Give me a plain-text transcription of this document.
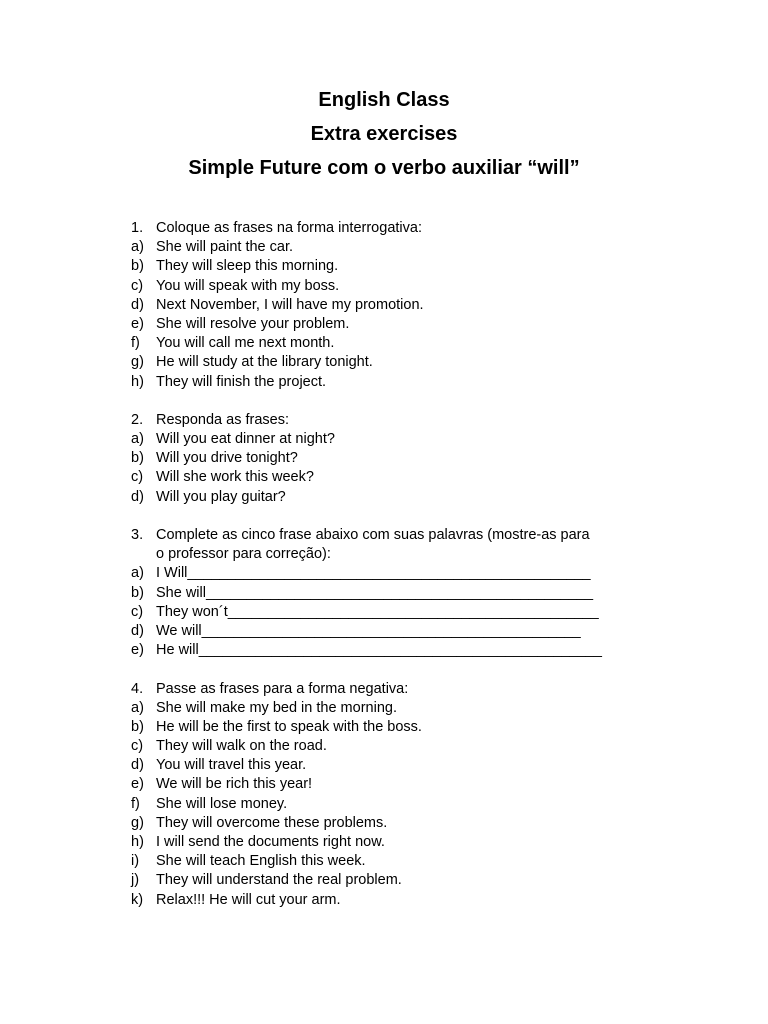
English Class
Extra exercises
Simple Future com o verbo auxiliar “will”
1. Coloque as frases na forma interrogativa:
a) She will paint the car.
b) They will sleep this morning.
c) You will speak with my boss.
d) Next November, I will have my promotion.
e) She will resolve your problem.
f)	You will call me next month.
g) He will study at the library tonight.
h) They will finish the project.
2. Responda as frases:
a) Will you eat dinner at night?
b) Will you drive tonight?
c) Will she work this week?
d) Will you play guitar?
3. Complete as cinco frase abaixo com suas palavras (mostre-as para
o professor para correção):
a) I Will__________________________________________________
b) She will________________________________________________
c) They won´t______________________________________________
d) We will_______________________________________________
e) He will__________________________________________________
4. Passe as frases para a forma negativa:
a) She will make my bed in the morning.
b) He will be the first to speak with the boss.
c) They will walk on the road.
d) You will travel this year.
e) We will be rich this year!
f)	She will lose money.
g) They will overcome these problems.
h) I will send the documents right now.
i)	She will teach English this week.
j)	They will understand the real problem.
k) Relax!!! He will cut your arm.
